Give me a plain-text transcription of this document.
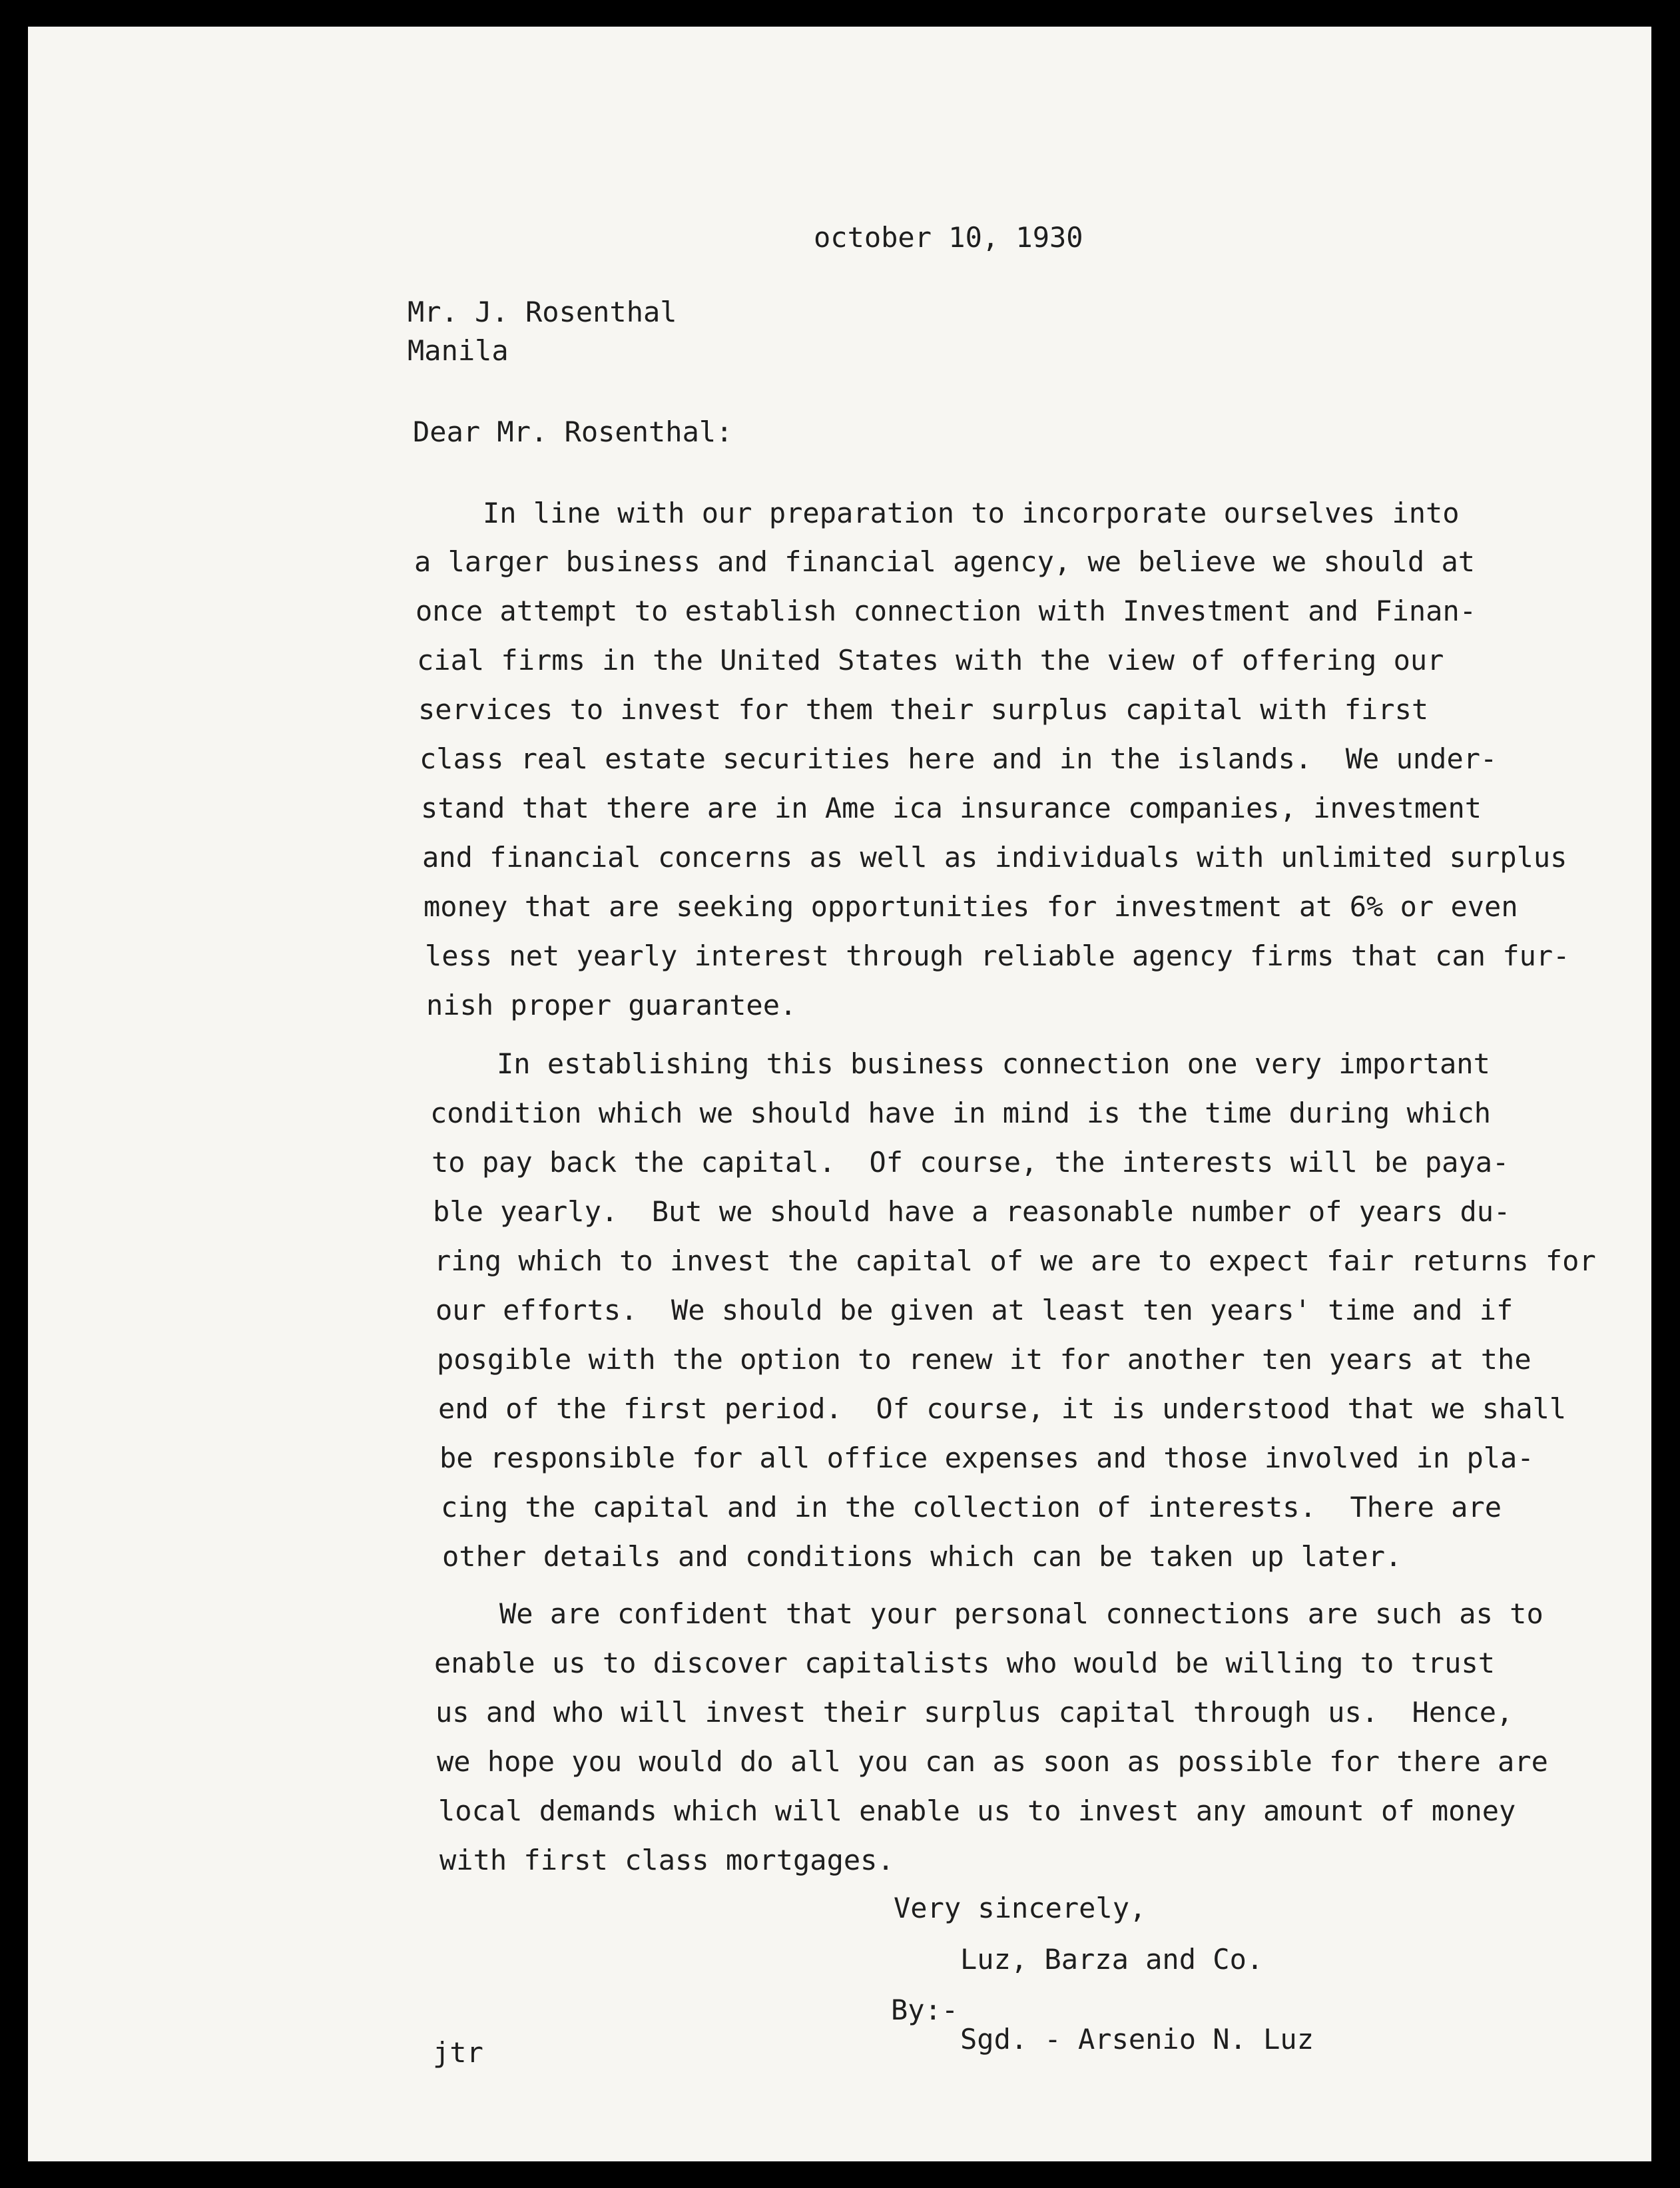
october 10, 1930
Mr. J. Rosenthal
Manila
Dear Mr. Rosenthal:
In line with our preparation to incorporate ourselves into
a larger business and financial agency, we believe we should at
once attempt to establish connection with Investment and Finan-
cial firms in the United States with the view of offering our
services to invest for them their surplus capital with first
class real estate securities here and in the islands.  We under-
stand that there are in Ame ica insurance companies, investment
and financial concerns as well as individuals with unlimited surplus
money that are seeking opportunities for investment at 6% or even
less net yearly interest through reliable agency firms that can fur-
nish proper guarantee.
In establishing this business connection one very important
condition which we should have in mind is the time during which
to pay back the capital.  Of course, the interests will be paya-
ble yearly.  But we should have a reasonable number of years du-
ring which to invest the capital of we are to expect fair returns for
our efforts.  We should be given at least ten years' time and if
posgible with the option to renew it for another ten years at the
end of the first period.  Of course, it is understood that we shall
be responsible for all office expenses and those involved in pla-
cing the capital and in the collection of interests.  There are
other details and conditions which can be taken up later.
We are confident that your personal connections are such as to
enable us to discover capitalists who would be willing to trust
us and who will invest their surplus capital through us.  Hence,
we hope you would do all you can as soon as possible for there are
local demands which will enable us to invest any amount of money
with first class mortgages.
Very sincerely,
Luz, Barza and Co.
By:-
Sgd. - Arsenio N. Luz
jtr
